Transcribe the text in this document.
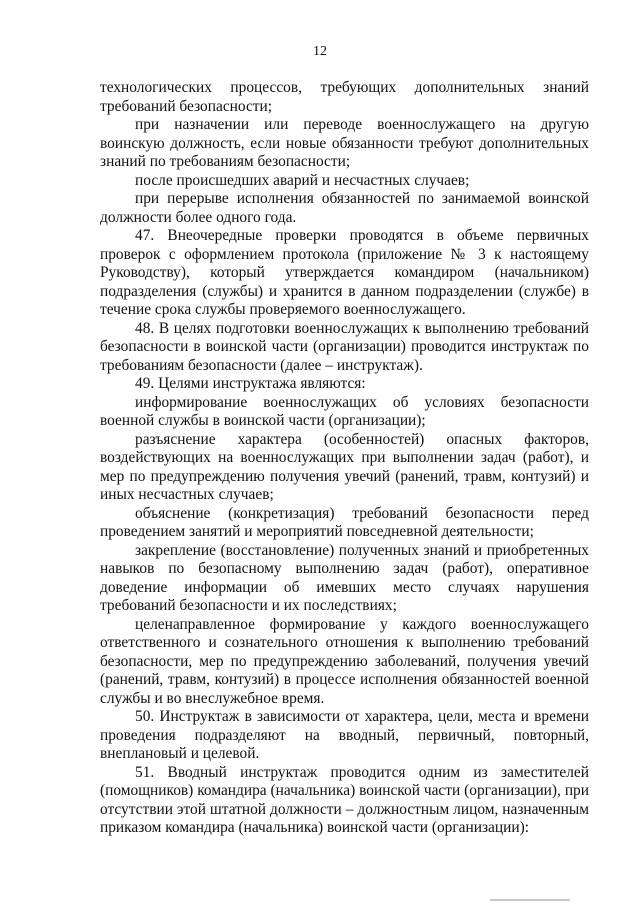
12

технологических процессов, требующих дополнительных знаний требований безопасности;

при назначении или переводе военнослужащего на другую воинскую должность, если новые обязанности требуют дополнительных знаний по требованиям безопасности;

после происшедших аварий и несчастных случаев;

при перерыве исполнения обязанностей по занимаемой воинской должности более одного года.

47. Внеочередные проверки проводятся в объеме первичных проверок с оформлением протокола (приложение № 3 к настоящему Руководству), который утверждается командиром (начальником) подразделения (службы) и хранится в данном подразделении (службе) в течение срока службы проверяемого военнослужащего.

48. В целях подготовки военнослужащих к выполнению требований безопасности в воинской части (организации) проводится инструктаж по требованиям безопасности (далее – инструктаж).

49. Целями инструктажа являются:

информирование военнослужащих об условиях безопасности военной службы в воинской части (организации);

разъяснение характера (особенностей) опасных факторов, воздействующих на военнослужащих при выполнении задач (работ), и мер по предупреждению получения увечий (ранений, травм, контузий) и иных несчастных случаев;

объяснение (конкретизация) требований безопасности перед проведением занятий и мероприятий повседневной деятельности;

закрепление (восстановление) полученных знаний и приобретенных навыков по безопасному выполнению задач (работ), оперативное доведение информации об имевших место случаях нарушения требований безопасности и их последствиях;

целенаправленное формирование у каждого военнослужащего ответственного и сознательного отношения к выполнению требований безопасности, мер по предупреждению заболеваний, получения увечий (ранений, травм, контузий) в процессе исполнения обязанностей военной службы и во внеслужебное время.

50. Инструктаж в зависимости от характера, цели, места и времени проведения подразделяют на вводный, первичный, повторный, внеплановый и целевой.

51. Вводный инструктаж проводится одним из заместителей (помощников) командира (начальника) воинской части (организации), при отсутствии этой штатной должности – должностным лицом, назначенным приказом командира (начальника) воинской части (организации):
